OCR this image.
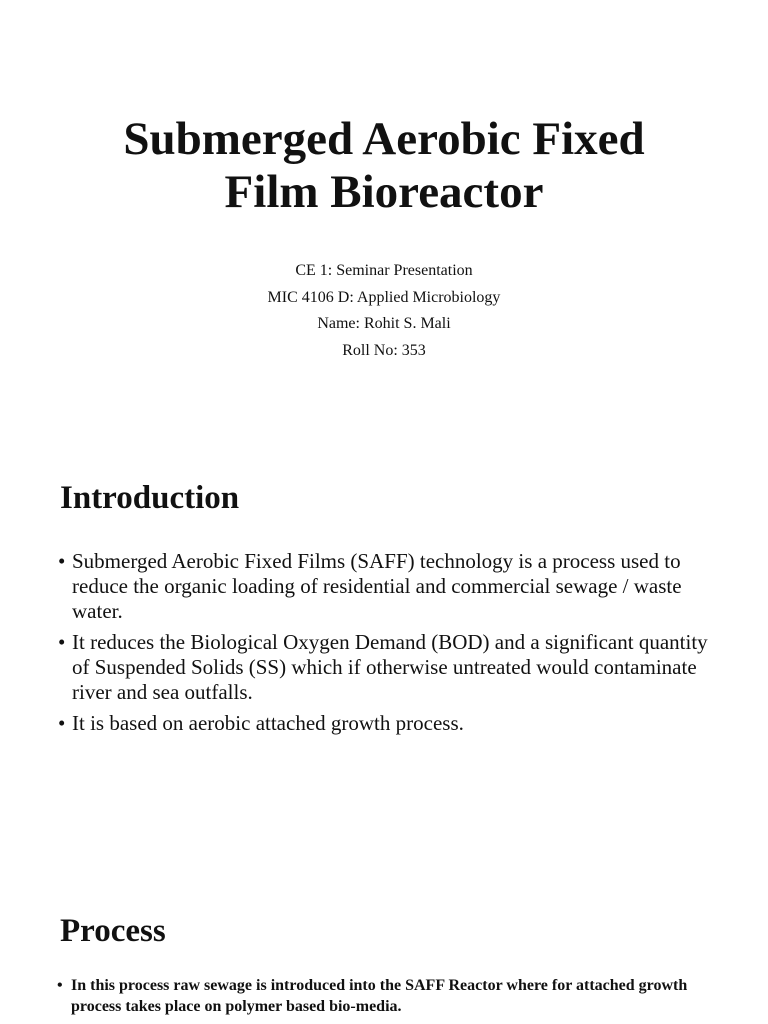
Submerged Aerobic Fixed
Film Bioreactor
CE 1: Seminar Presentation
MIC 4106 D: Applied Microbiology
Name: Rohit S. Mali
Roll No: 353
Introduction
• Submerged Aerobic Fixed Films (SAFF) technology is a process used to reduce the organic loading of residential and commercial sewage / waste water.
• It reduces the Biological Oxygen Demand (BOD) and a significant quantity of Suspended Solids (SS) which if otherwise untreated would contaminate river and sea outfalls.
• It is based on aerobic attached growth process.
Process
• In this process raw sewage is introduced into the SAFF Reactor where for attached growth process takes place on polymer based bio-media.
